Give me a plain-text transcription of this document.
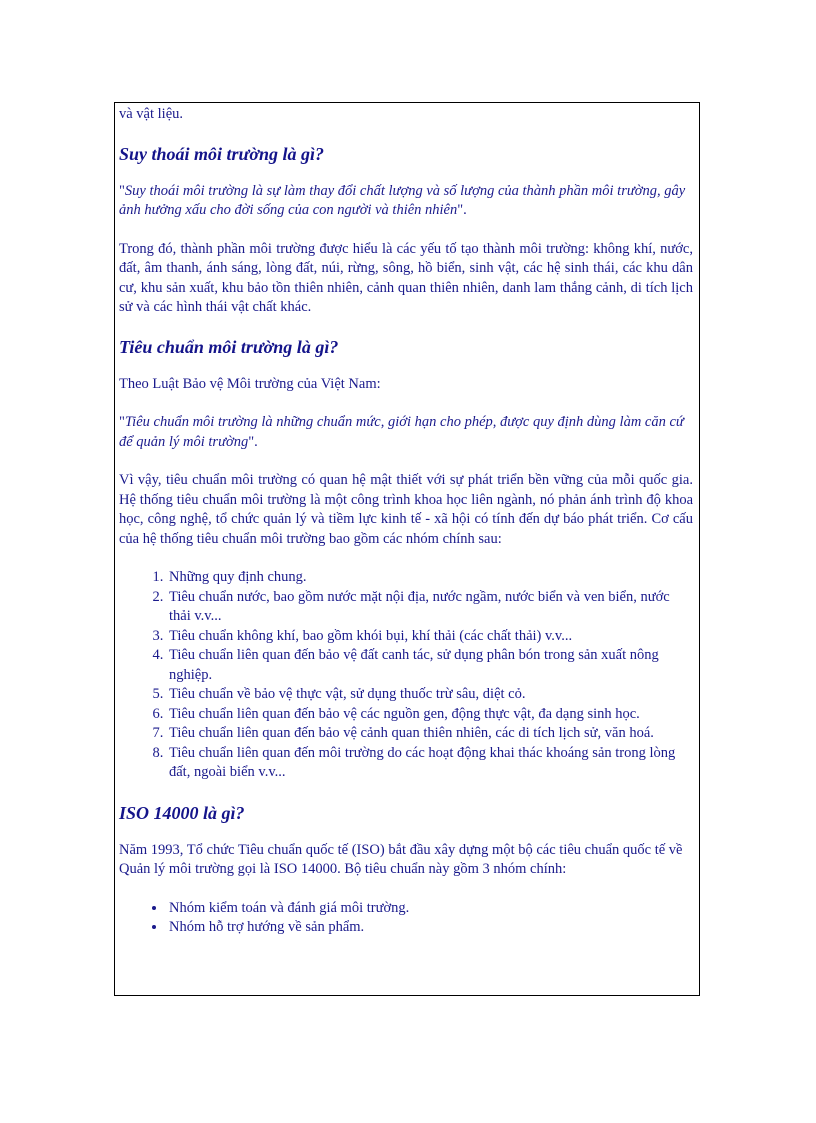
và vật liệu.

Suy thoái môi trường là gì?

"Suy thoái môi trường là sự làm thay đổi chất lượng và số lượng của thành phần môi trường, gây ảnh hưởng xấu cho đời sống của con người và thiên nhiên".

Trong đó, thành phần môi trường được hiểu là các yếu tố tạo thành môi trường: không khí, nước, đất, âm thanh, ánh sáng, lòng đất, núi, rừng, sông, hồ biển, sinh vật, các hệ sinh thái, các khu dân cư, khu sản xuất, khu bảo tồn thiên nhiên, cảnh quan thiên nhiên, danh lam thắng cảnh, di tích lịch sử và các hình thái vật chất khác.

Tiêu chuẩn môi trường là gì?

Theo Luật Bảo vệ Môi trường của Việt Nam:

"Tiêu chuẩn môi trường là những chuẩn mức, giới hạn cho phép, được quy định dùng làm căn cứ để quản lý môi trường".

Vì vậy, tiêu chuẩn môi trường có quan hệ mật thiết với sự phát triển bền vững của mỗi quốc gia. Hệ thống tiêu chuẩn môi trường là một công trình khoa học liên ngành, nó phản ánh trình độ khoa học, công nghệ, tổ chức quản lý và tiềm lực kinh tế - xã hội có tính đến dự báo phát triển. Cơ cấu của hệ thống tiêu chuẩn môi trường bao gồm các nhóm chính sau:

1. Những quy định chung.
2. Tiêu chuẩn nước, bao gồm nước mặt nội địa, nước ngầm, nước biển và ven biển, nước thải v.v...
3. Tiêu chuẩn không khí, bao gồm khói bụi, khí thải (các chất thải) v.v...
4. Tiêu chuẩn liên quan đến bảo vệ đất canh tác, sử dụng phân bón trong sản xuất nông nghiệp.
5. Tiêu chuẩn về bảo vệ thực vật, sử dụng thuốc trừ sâu, diệt cỏ.
6. Tiêu chuẩn liên quan đến bảo vệ các nguồn gen, động thực vật, đa dạng sinh học.
7. Tiêu chuẩn liên quan đến bảo vệ cảnh quan thiên nhiên, các di tích lịch sử, văn hoá.
8. Tiêu chuẩn liên quan đến môi trường do các hoạt động khai thác khoáng sản trong lòng đất, ngoài biển v.v...
ISO 14000 là gì?

Năm 1993, Tổ chức Tiêu chuẩn quốc tế (ISO) bắt đầu xây dựng một bộ các tiêu chuẩn quốc tế về Quản lý môi trường gọi là ISO 14000. Bộ tiêu chuẩn này gồm 3 nhóm chính:

• Nhóm kiểm toán và đánh giá môi trường.
• Nhóm hỗ trợ hướng về sản phẩm.
